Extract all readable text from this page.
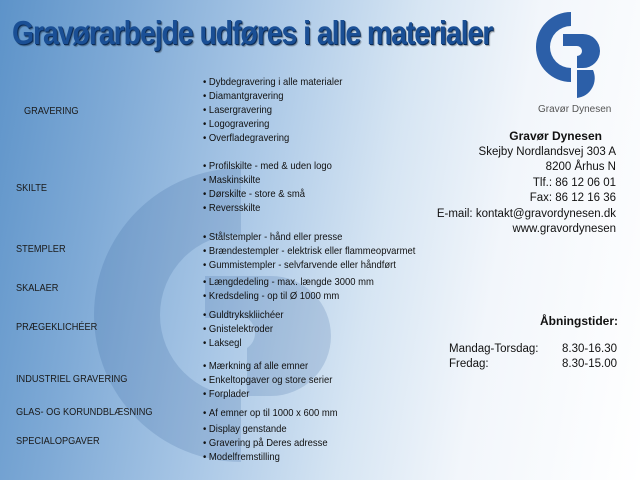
Gravørarbejde udføres i alle materialer
Gravør Dynesen
GRAVERING
• Dybdegravering i alle materialer
• Diamantgravering
• Lasergravering
• Logogravering
• Overfladegravering
SKILTE
• Profilskilte - med & uden logo
• Maskinskilte
• Dørskilte - store & små
• Reversskilte
STEMPLER
• Stålstempler - hånd eller presse
• Brændestempler - elektrisk eller flammeopvarmet
• Gummistempler - selvfarvende eller håndført
SKALAER
• Længdedeling - max. længde 3000 mm
• Kredsdeling - op til Ø 1000 mm
PRÆGEKLICHÉER
• Guldtrykskliichéer
• Gnistelektroder
• Laksegl
INDUSTRIEL GRAVERING
• Mærkning af alle emner
• Enkeltopgaver og store serier
• Forplader
GLAS- OG KORUNDBLÆSNING
•	Af emner op til 1000 x 600 mm
SPECIALOPGAVER
• Display genstande
• Gravering på Deres adresse
• Modelfremstilling
Gravør Dynesen
Skejby Nordlandsvej 303 A
8200 Århus N
Tlf.: 86 12 06 01
Fax: 86 12 16 36
E-mail: kontakt@gravordynesen.dk
www.gravordynesen
Åbningstider:
Mandag-Torsdag: 8.30-16.30
Fredag:	8.30-15.00
